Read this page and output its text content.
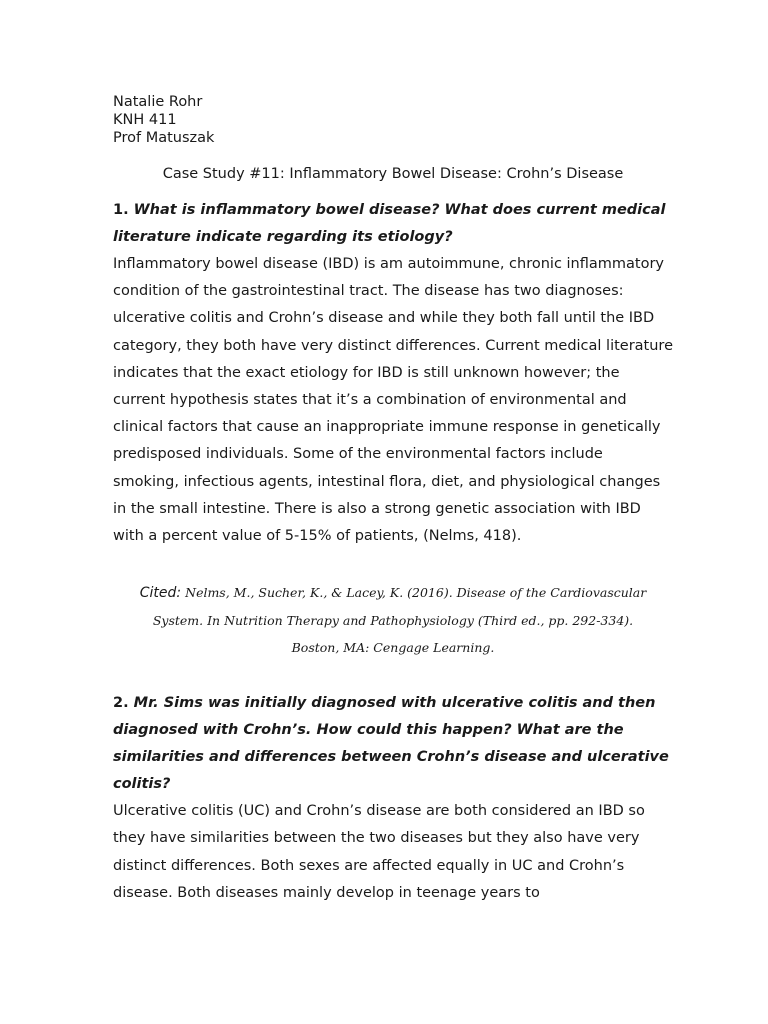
Natalie Rohr

KNH 411

Prof Matuszak

Case Study #11: Inflammatory Bowel Disease: Crohn’s Disease

1. What is inflammatory bowel disease? What does current medical literature indicate regarding its etiology?

Inflammatory bowel disease (IBD) is am autoimmune, chronic inflammatory condition of the gastrointestinal tract. The disease has two diagnoses: ulcerative colitis and Crohn’s disease and while they both fall until the IBD category, they both have very distinct differences. Current medical literature indicates that the exact etiology for IBD is still unknown however; the current hypothesis states that it’s a combination of environmental and clinical factors that cause an inappropriate immune response in genetically predisposed individuals. Some of the environmental factors include smoking, infectious agents, intestinal flora, diet, and physiological changes in the small intestine. There is also a strong genetic association with IBD with a percent value of 5-15% of patients, (Nelms, 418).

Cited: Nelms, M., Sucher, K., & Lacey, K. (2016). Disease of the Cardiovascular
System. In Nutrition Therapy and Pathophysiology (Third ed., pp. 292-334).
Boston, MA: Cengage Learning.

2. Mr. Sims was initially diagnosed with ulcerative colitis and then diagnosed with Crohn’s. How could this happen? What are the similarities and differences between Crohn’s disease and ulcerative colitis?

Ulcerative colitis (UC) and Crohn’s disease are both considered an IBD so they have similarities between the two diseases but they also have very distinct differences. Both sexes are affected equally in UC and Crohn’s disease. Both diseases mainly develop in teenage years to
